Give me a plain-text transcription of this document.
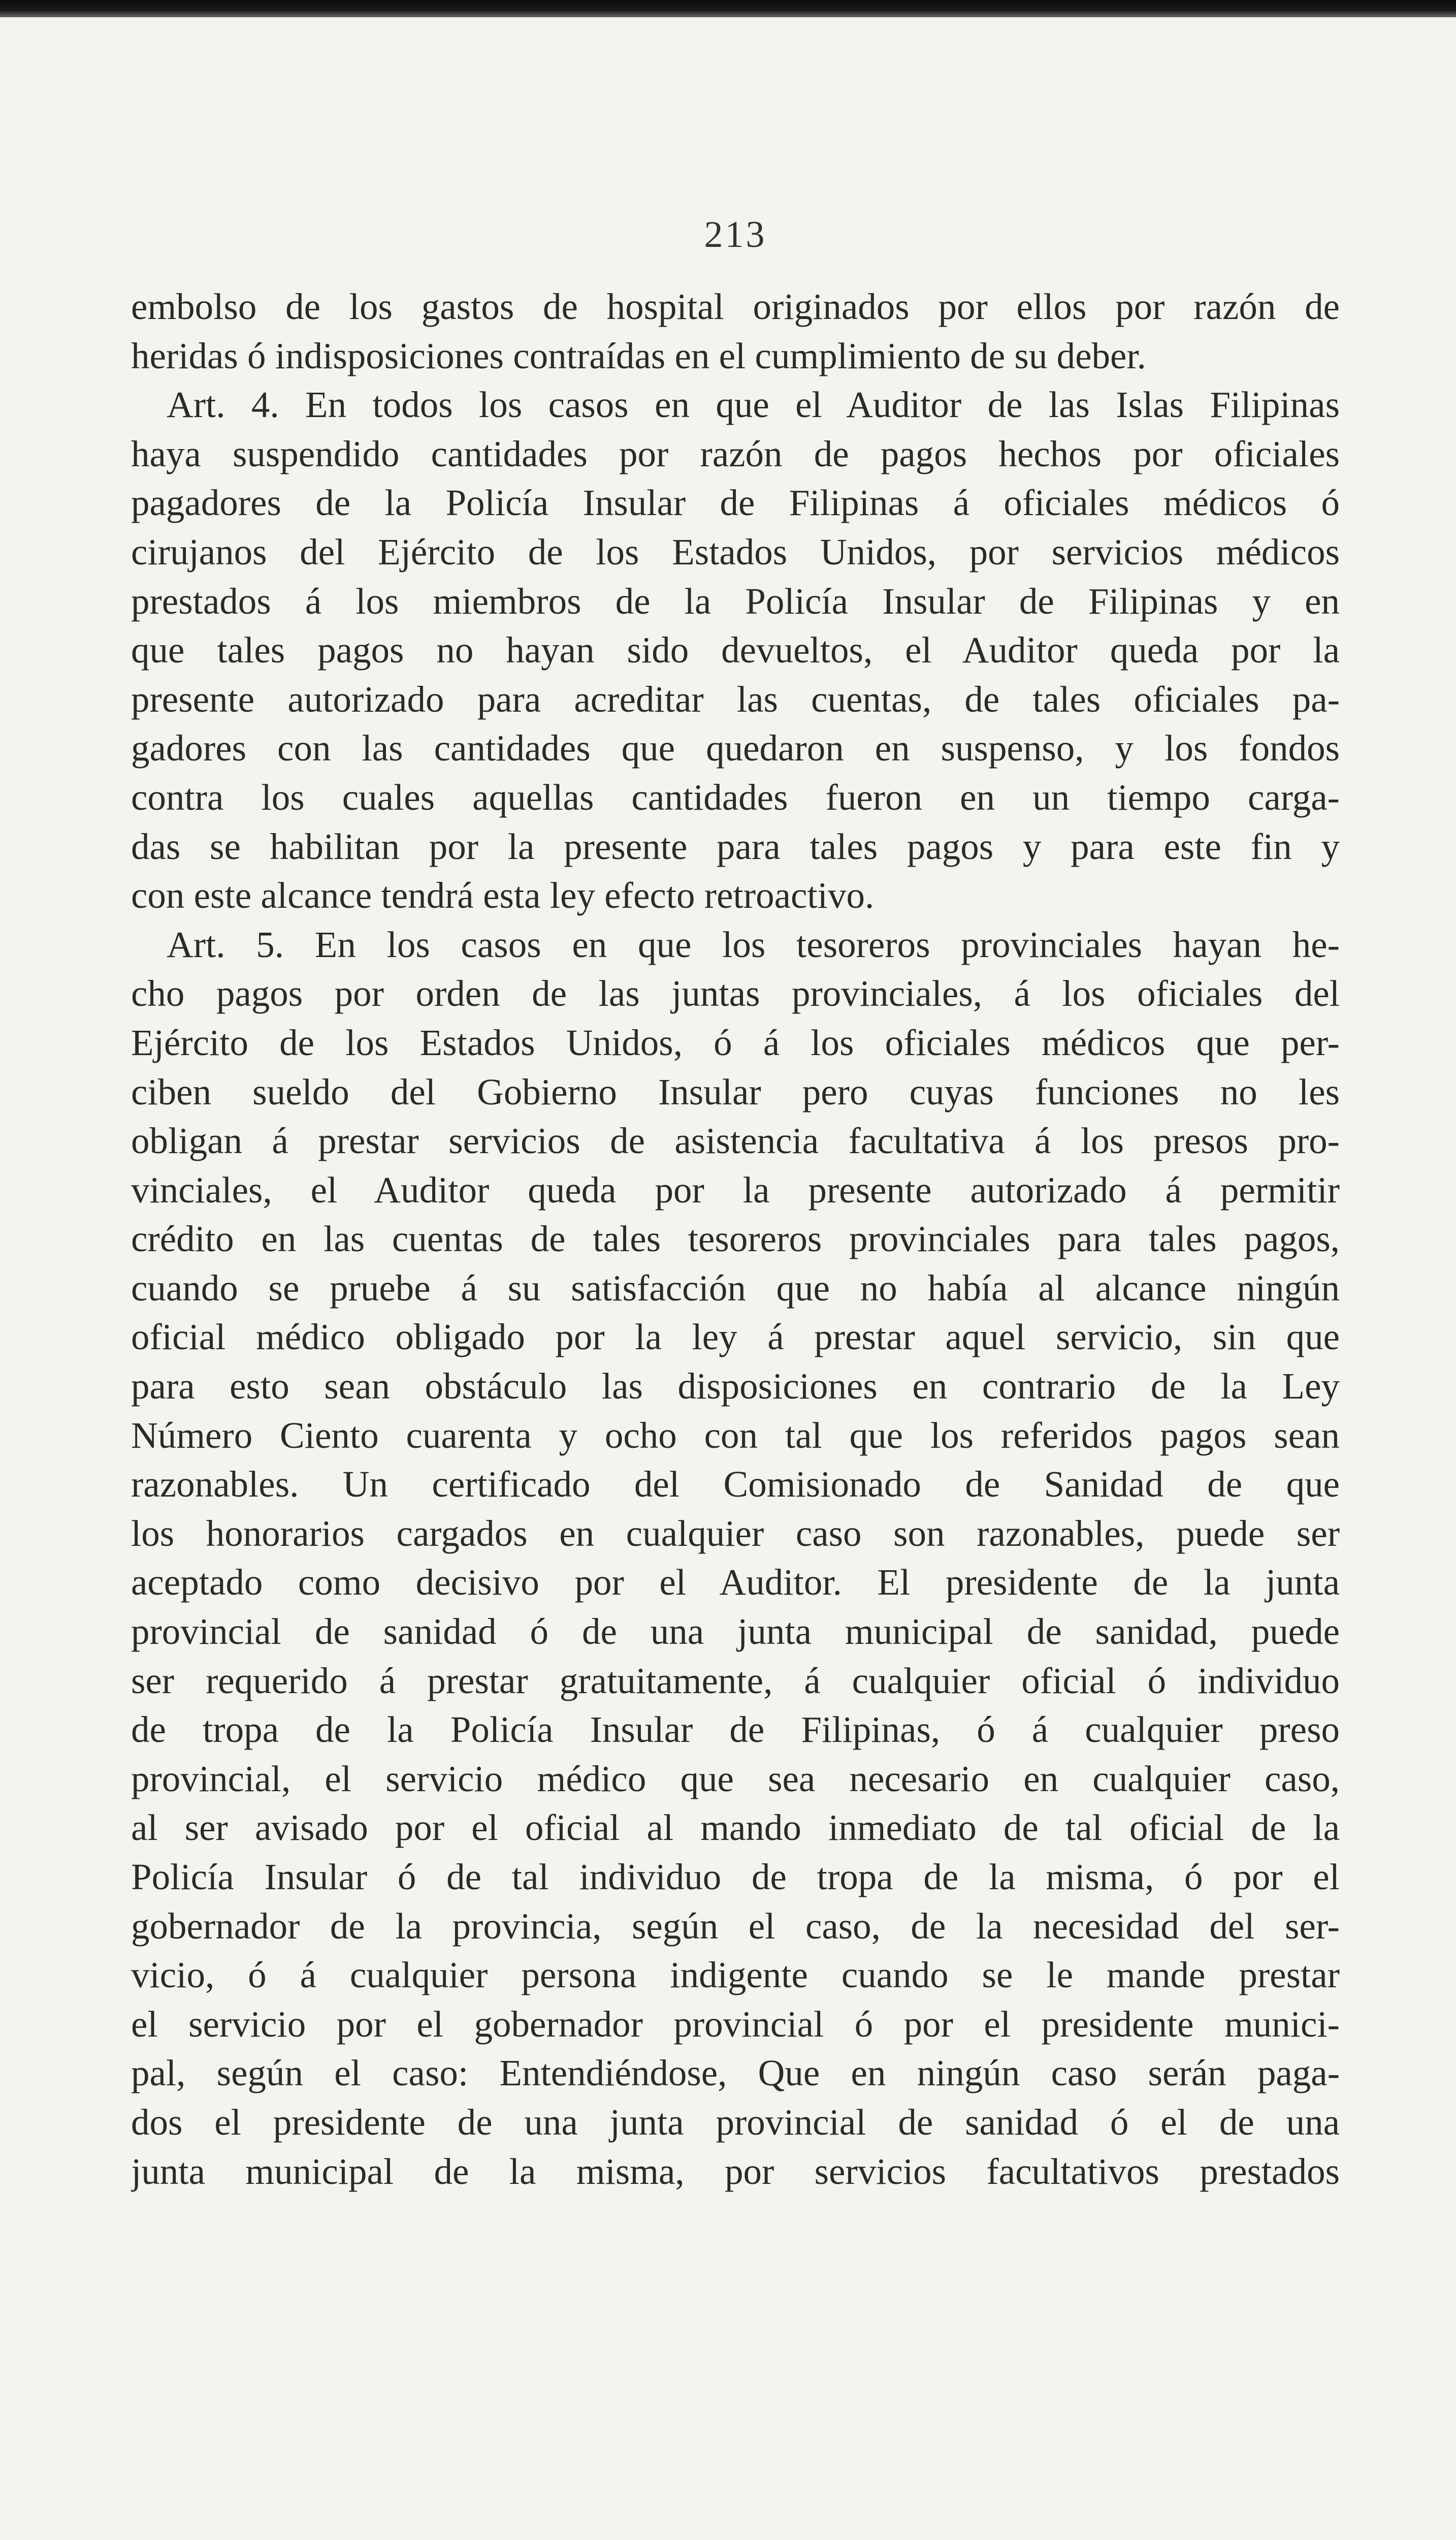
213
embolso de los gastos de hospital originados por ellos por razón de
heridas ó indisposiciones contraídas en el cumplimiento de su deber.
Art. 4. En todos los casos en que el Auditor de las Islas Filipinas
haya suspendido cantidades por razón de pagos hechos por oficiales
pagadores de la Policía Insular de Filipinas á oficiales médicos ó
cirujanos del Ejército de los Estados Unidos, por servicios médicos
prestados á los miembros de la Policía Insular de Filipinas y en
que tales pagos no hayan sido devueltos, el Auditor queda por la
presente autorizado para acreditar las cuentas, de tales oficiales pa-
gadores con las cantidades que quedaron en suspenso, y los fondos
contra los cuales aquellas cantidades fueron en un tiempo carga-
das se habilitan por la presente para tales pagos y para este fin y
con este alcance tendrá esta ley efecto retroactivo.
Art. 5. En los casos en que los tesoreros provinciales hayan he-
cho pagos por orden de las juntas provinciales, á los oficiales del
Ejército de los Estados Unidos, ó á los oficiales médicos que per-
ciben sueldo del Gobierno Insular pero cuyas funciones no les
obligan á prestar servicios de asistencia facultativa á los presos pro-
vinciales, el Auditor queda por la presente autorizado á permitir
crédito en las cuentas de tales tesoreros provinciales para tales pagos,
cuando se pruebe á su satisfacción que no había al alcance ningún
oficial médico obligado por la ley á prestar aquel servicio, sin que
para esto sean obstáculo las disposiciones en contrario de la Ley
Número Ciento cuarenta y ocho con tal que los referidos pagos sean
razonables. Un certificado del Comisionado de Sanidad de que
los honorarios cargados en cualquier caso son razonables, puede ser
aceptado como decisivo por el Auditor. El presidente de la junta
provincial de sanidad ó de una junta municipal de sanidad, puede
ser requerido á prestar gratuitamente, á cualquier oficial ó individuo
de tropa de la Policía Insular de Filipinas, ó á cualquier preso
provincial, el servicio médico que sea necesario en cualquier caso,
al ser avisado por el oficial al mando inmediato de tal oficial de la
Policía Insular ó de tal individuo de tropa de la misma, ó por el
gobernador de la provincia, según el caso, de la necesidad del ser-
vicio, ó á cualquier persona indigente cuando se le mande prestar
el servicio por el gobernador provincial ó por el presidente munici-
pal, según el caso: Entendiéndose, Que en ningún caso serán paga-
dos el presidente de una junta provincial de sanidad ó el de una
junta municipal de la misma, por servicios facultativos prestados
